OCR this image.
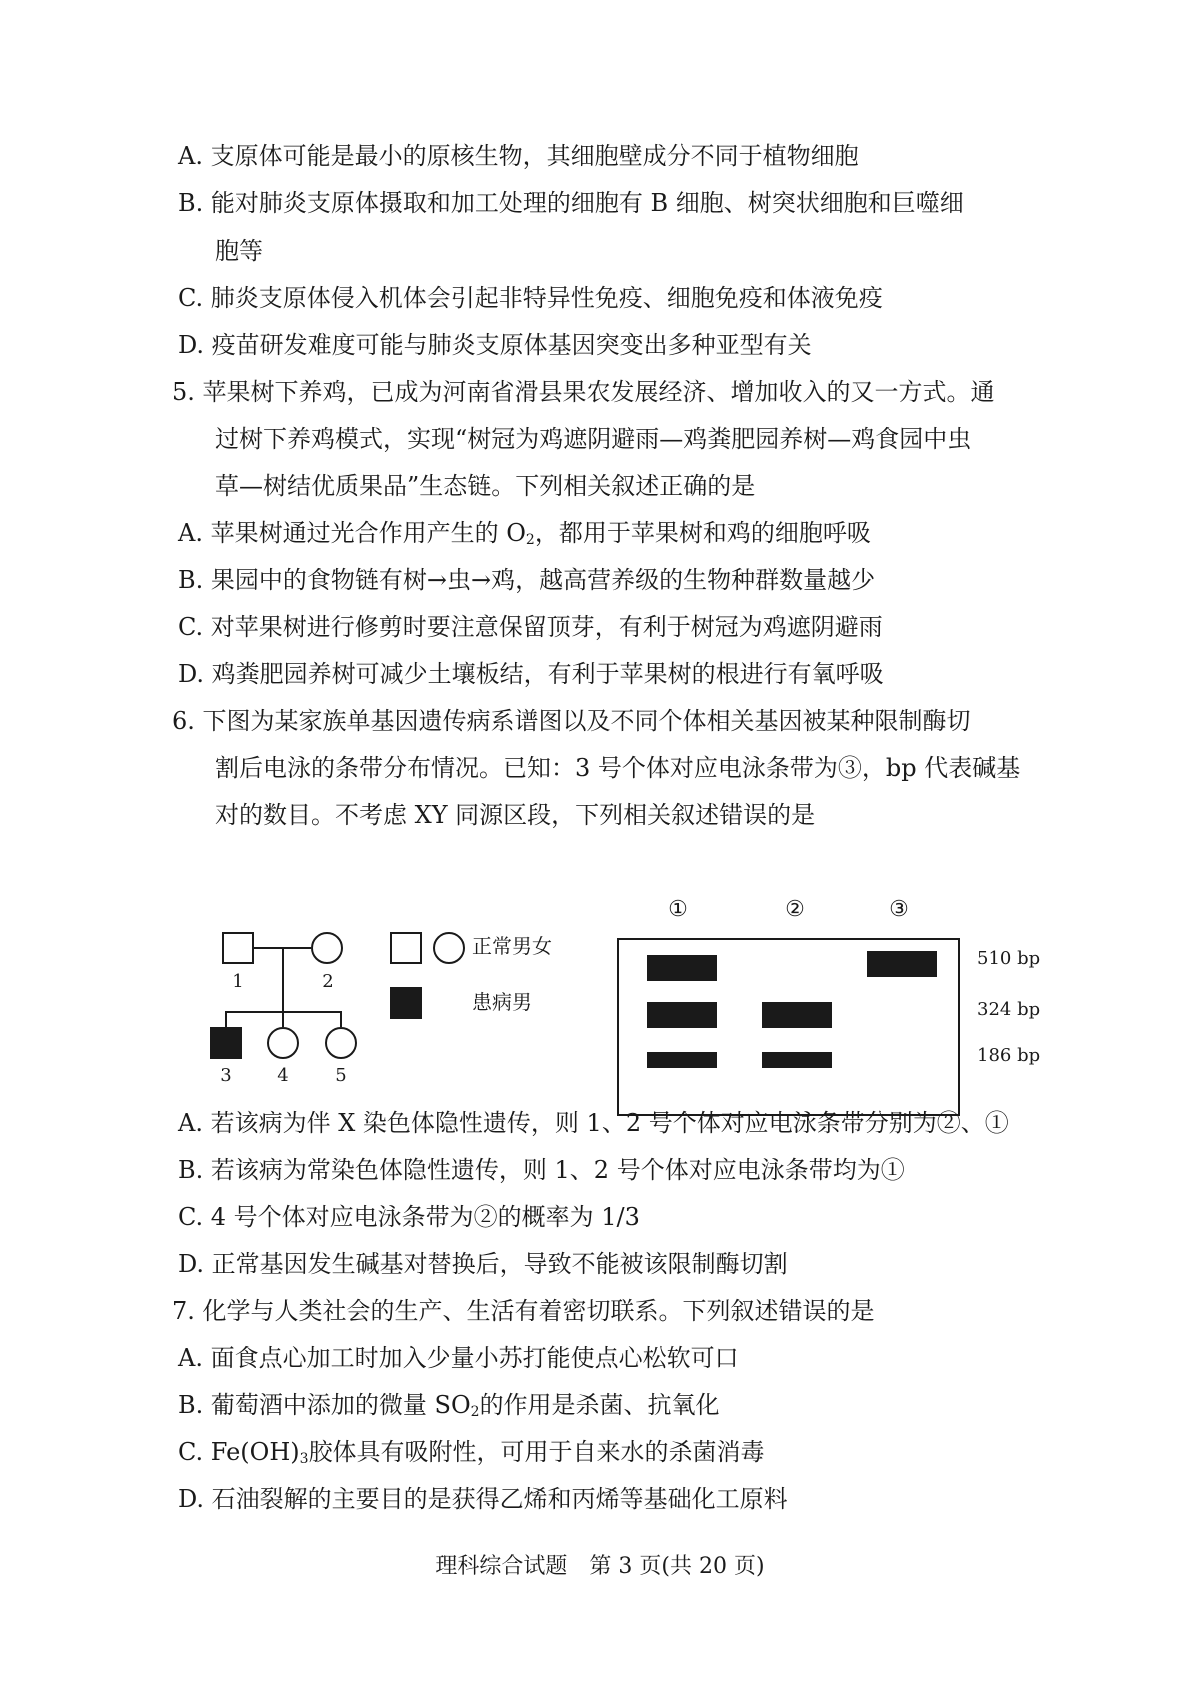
A. 支原体可能是最小的原核生物，其细胞壁成分不同于植物细胞
B. 能对肺炎支原体摄取和加工处理的细胞有 B 细胞、树突状细胞和巨噬细
胞等
C. 肺炎支原体侵入机体会引起非特异性免疫、细胞免疫和体液免疫
D. 疫苗研发难度可能与肺炎支原体基因突变出多种亚型有关
5. 苹果树下养鸡，已成为河南省滑县果农发展经济、增加收入的又一方式。通
过树下养鸡模式，实现“树冠为鸡遮阴避雨—鸡粪肥园养树—鸡食园中虫
草—树结优质果品”生态链。下列相关叙述正确的是
A. 苹果树通过光合作用产生的 $O_2$，都用于苹果树和鸡的细胞呼吸
B. 果园中的食物链有树→虫→鸡，越高营养级的生物种群数量越少
C. 对苹果树进行修剪时要注意保留顶芽，有利于树冠为鸡遮阴避雨
D. 鸡粪肥园养树可减少土壤板结，有利于苹果树的根进行有氧呼吸
6. 下图为某家族单基因遗传病系谱图以及不同个体相关基因被某种限制酶切
割后电泳的条带分布情况。已知：3 号个体对应电泳条带为③，bp 代表碱基
对的数目。不考虑 XY 同源区段，下列相关叙述错误的是
1	2
3	4	5
正常男女
患病男
①	②	③
510 bp
324 bp
186 bp
A. 若该病为伴 X 染色体隐性遗传，则 1、2 号个体对应电泳条带分别为②、①
B. 若该病为常染色体隐性遗传，则 1、2 号个体对应电泳条带均为①
C. 4 号个体对应电泳条带为②的概率为 1/3
D. 正常基因发生碱基对替换后，导致不能被该限制酶切割
7. 化学与人类社会的生产、生活有着密切联系。下列叙述错误的是
A. 面食点心加工时加入少量小苏打能使点心松软可口
B. 葡萄酒中添加的微量 $SO_2$的作用是杀菌、抗氧化
C. $Fe(OH)_3$胶体具有吸附性，可用于自来水的杀菌消毒
D. 石油裂解的主要目的是获得乙烯和丙烯等基础化工原料
理科综合试题　第 3 页(共 20 页)
